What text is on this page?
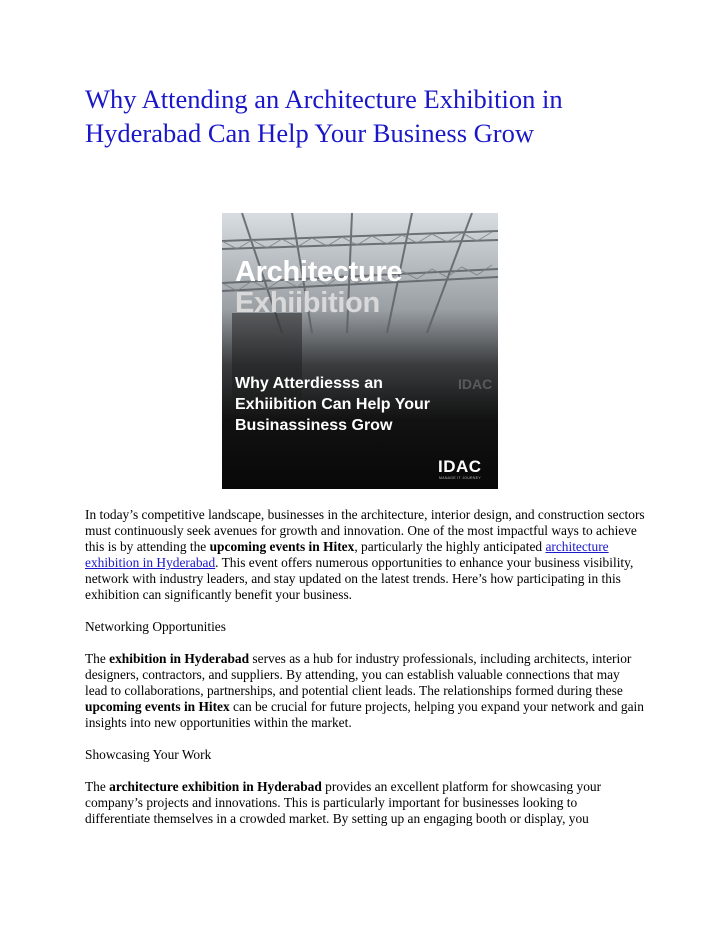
Why Attending an Architecture Exhibition in Hyderabad Can Help Your Business Grow
IDAC
Architecture
Exhiibition
Why Atterdiesss an Exhiibition Can Help Your Businassiness Grow
IDAC
MANAGE IT JOURNEY

In today’s competitive landscape, businesses in the architecture, interior design, and construction sectors must continuously seek avenues for growth and innovation. One of the most impactful ways to achieve this is by attending the upcoming events in Hitex, particularly the highly anticipated architecture exhibition in Hyderabad. This event offers numerous opportunities to enhance your business visibility, network with industry leaders, and stay updated on the latest trends. Here’s how participating in this exhibition can significantly benefit your business.

Networking Opportunities

The exhibition in Hyderabad serves as a hub for industry professionals, including architects, interior designers, contractors, and suppliers. By attending, you can establish valuable connections that may lead to collaborations, partnerships, and potential client leads. The relationships formed during these upcoming events in Hitex can be crucial for future projects, helping you expand your network and gain insights into new opportunities within the market.

Showcasing Your Work

The architecture exhibition in Hyderabad provides an excellent platform for showcasing your company’s projects and innovations. This is particularly important for businesses looking to differentiate themselves in a crowded market. By setting up an engaging booth or display, you
